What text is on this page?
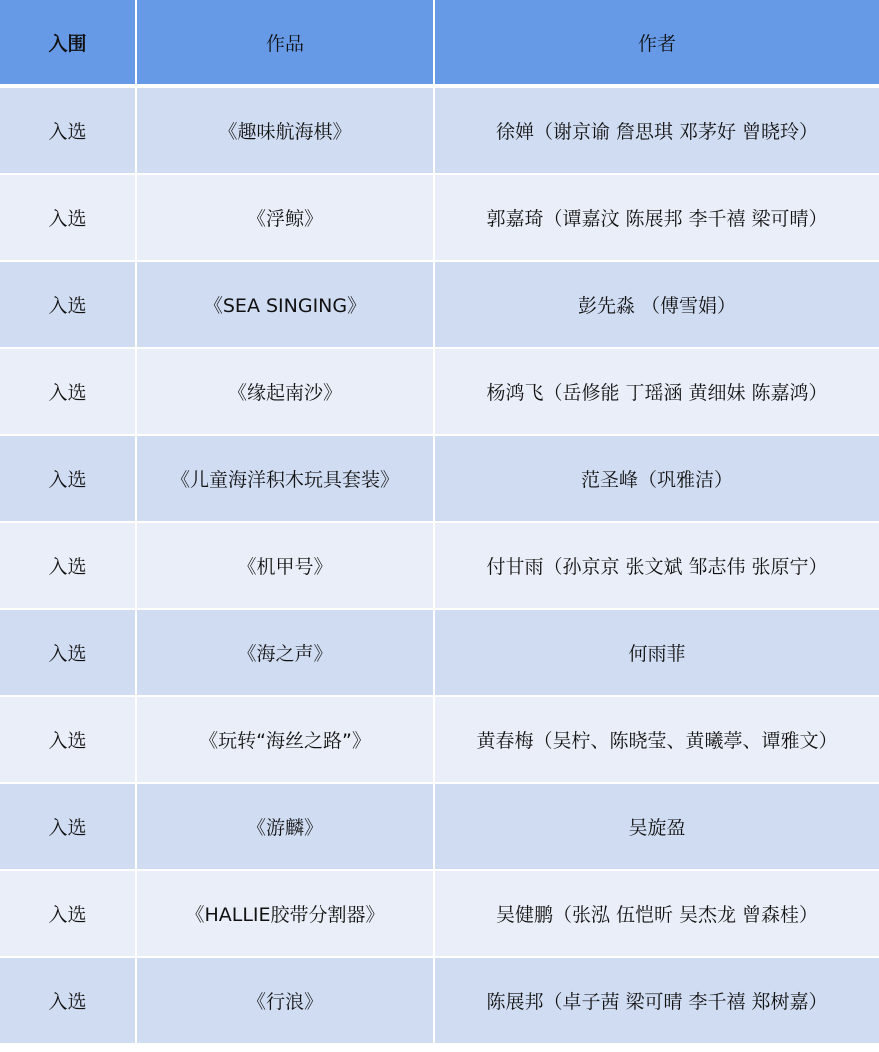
入围	作品	作者
入选	《趣味航海棋》	徐婵（谢京谕 詹思琪 邓茅好 曾晓玲）
入选	《浮鲸》	郭嘉琦（谭嘉汶 陈展邦 李千禧 梁可晴）
入选	《SEA SINGING》	彭先淼 （傅雪娟）
入选	《缘起南沙》	杨鸿飞（岳修能 丁瑶涵 黄细妹 陈嘉鸿）
入选	《儿童海洋积木玩具套装》	范圣峰（巩雅洁）
入选	《机甲号》	付甘雨（孙京京 张文斌 邹志伟 张原宁）
入选	《海之声》	何雨菲
入选	《玩转“海丝之路”》	黄春梅（吴柠、陈晓莹、黄曦葶、谭雅文）
入选	《游麟》	吴旋盈
入选	《HALLIE胶带分割器》	吴健鹏（张泓 伍恺昕 吴杰龙 曾森桂）
入选	《行浪》	陈展邦（卓子茜 梁可晴 李千禧 郑树嘉）
